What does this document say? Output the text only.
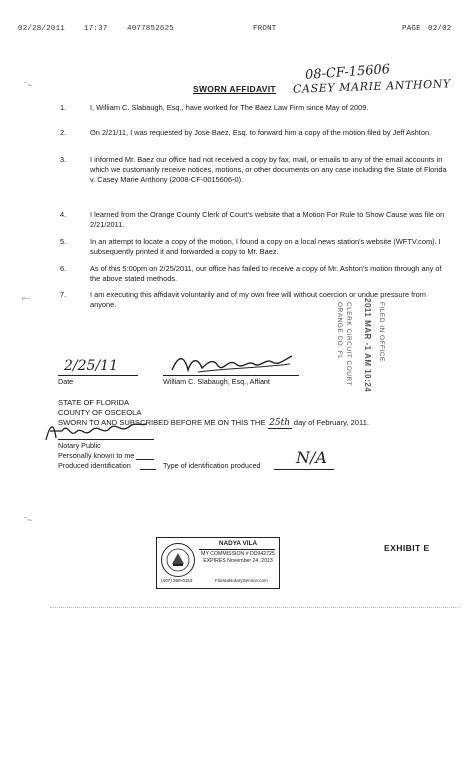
02/28/2011	17:37	4077852625	FRONT	PAGE 02/02
08-CF-15606
CASEY MARIE ANTHONY
SWORN AFFIDAVIT
1.	I, William C. Slabaugh, Esq., have worked for The Baez Law Firm since May of 2009.
2.	On 2/21/11, I was requested by Jose Baez, Esq. to forward him a copy of the motion filed by Jeff Ashton.
3.	I informed Mr. Baez our office had not received a copy by fax, mail, or emails to any of the email accounts in which we customarily receive notices, motions, or other documents on any case including the State of Florida v. Casey Marie Anthony (2008-CF-0015606-0).
4.	I learned from the Orange County Clerk of Court's website that a Motion For Rule to Show Cause was file on 2/21/2011.
5.	In an attempt to locate a copy of the motion, I found a copy on a local news station's website (WFTV.com). I subsequently printed it and forwarded a copy to Mr. Baez.
6.	As of this 5:00pm on 2/25/2011, our office has failed to receive a copy of Mr. Ashton's motion through any of the above stated methods.
7.	I am executing this affidavit voluntarily and of my own free will without coercion or undue pressure from anyone.	CLERK CIRCUIT COURT
ORANGE CO. FL	2011 MAR -1 AM 10:24 FILED IN OFFICE
2/25/11
Date	William C. Slabaugh, Esq., Affiant
STATE OF FLORIDA
COUNTY OF OSCEOLA
SWORN TO AND SUBSCRIBED BEFORE ME ON THIS THE 25th day of February, 2011.
Notary Public
Personally known to me
Produced identification	Type of identification produced N/A
NADYA VILA
MY COMMISSION # DD942725
EXPIRES November 24, 2013
(407) 398-0153	FloridaNotaryService.com
EXHIBIT E
ˉ~
⌐·
ˉ~
